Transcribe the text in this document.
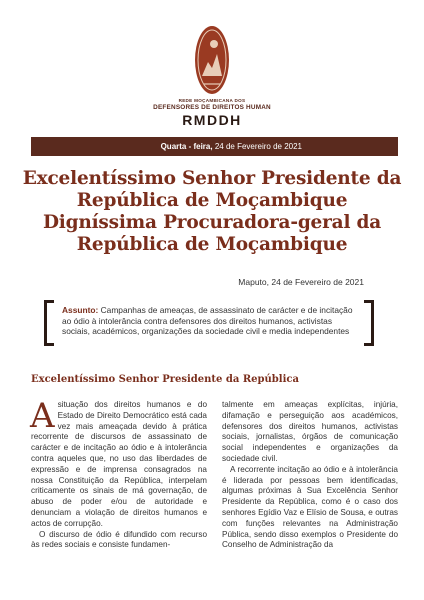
REDE MOÇAMBICANA DOS
DEFENSORES DE DIREITOS HUMAN
RMDDH
Quarta - feira,
24 de Fevereiro de 2021
Excelentíssimo Senhor Presidente da República de Moçambique Digníssima Procuradora-geral da República de Moçambique
Maputo, 24 de Fevereiro de 2021
Assunto: Campanhas de ameaças, de assassinato de carácter e de incitação ao ódio à intolerância contra defensores dos direitos humanos, activistas sociais, académicos, organizações da sociedade civil e media independentes
Excelentíssimo Senhor Presidente da República

Asituação dos direitos humanos e do Estado de Direito Democrático está cada vez mais ameaçada devido à prática recorrente de discursos de assassinato de carácter e de incitação ao ódio e à intolerância contra aqueles que, no uso das liberdades de expressão e de imprensa consagrados na nossa Constituição da República, interpelam criticamente os sinais de má governação, de abuso de poder e/ou de autoridade e denunciam a violação de direitos humanos e actos de corrupção.

O discurso de ódio é difundido com recurso às redes sociais e consiste fundamen-

talmente em ameaças explícitas, injúria, difamação e perseguição aos académicos, defensores dos direitos humanos, activistas sociais, jornalistas, órgãos de comunicação social independentes e organizações da sociedade civil.

A recorrente incitação ao ódio e à intolerância é liderada por pessoas bem identificadas, algumas próximas à Sua Excelência Senhor Presidente da República, como é o caso dos senhores Egídio Vaz e Elísio de Sousa, e outras com funções relevantes na Administração Pública, sendo disso exemplos o Presidente do Conselho de Administração da
